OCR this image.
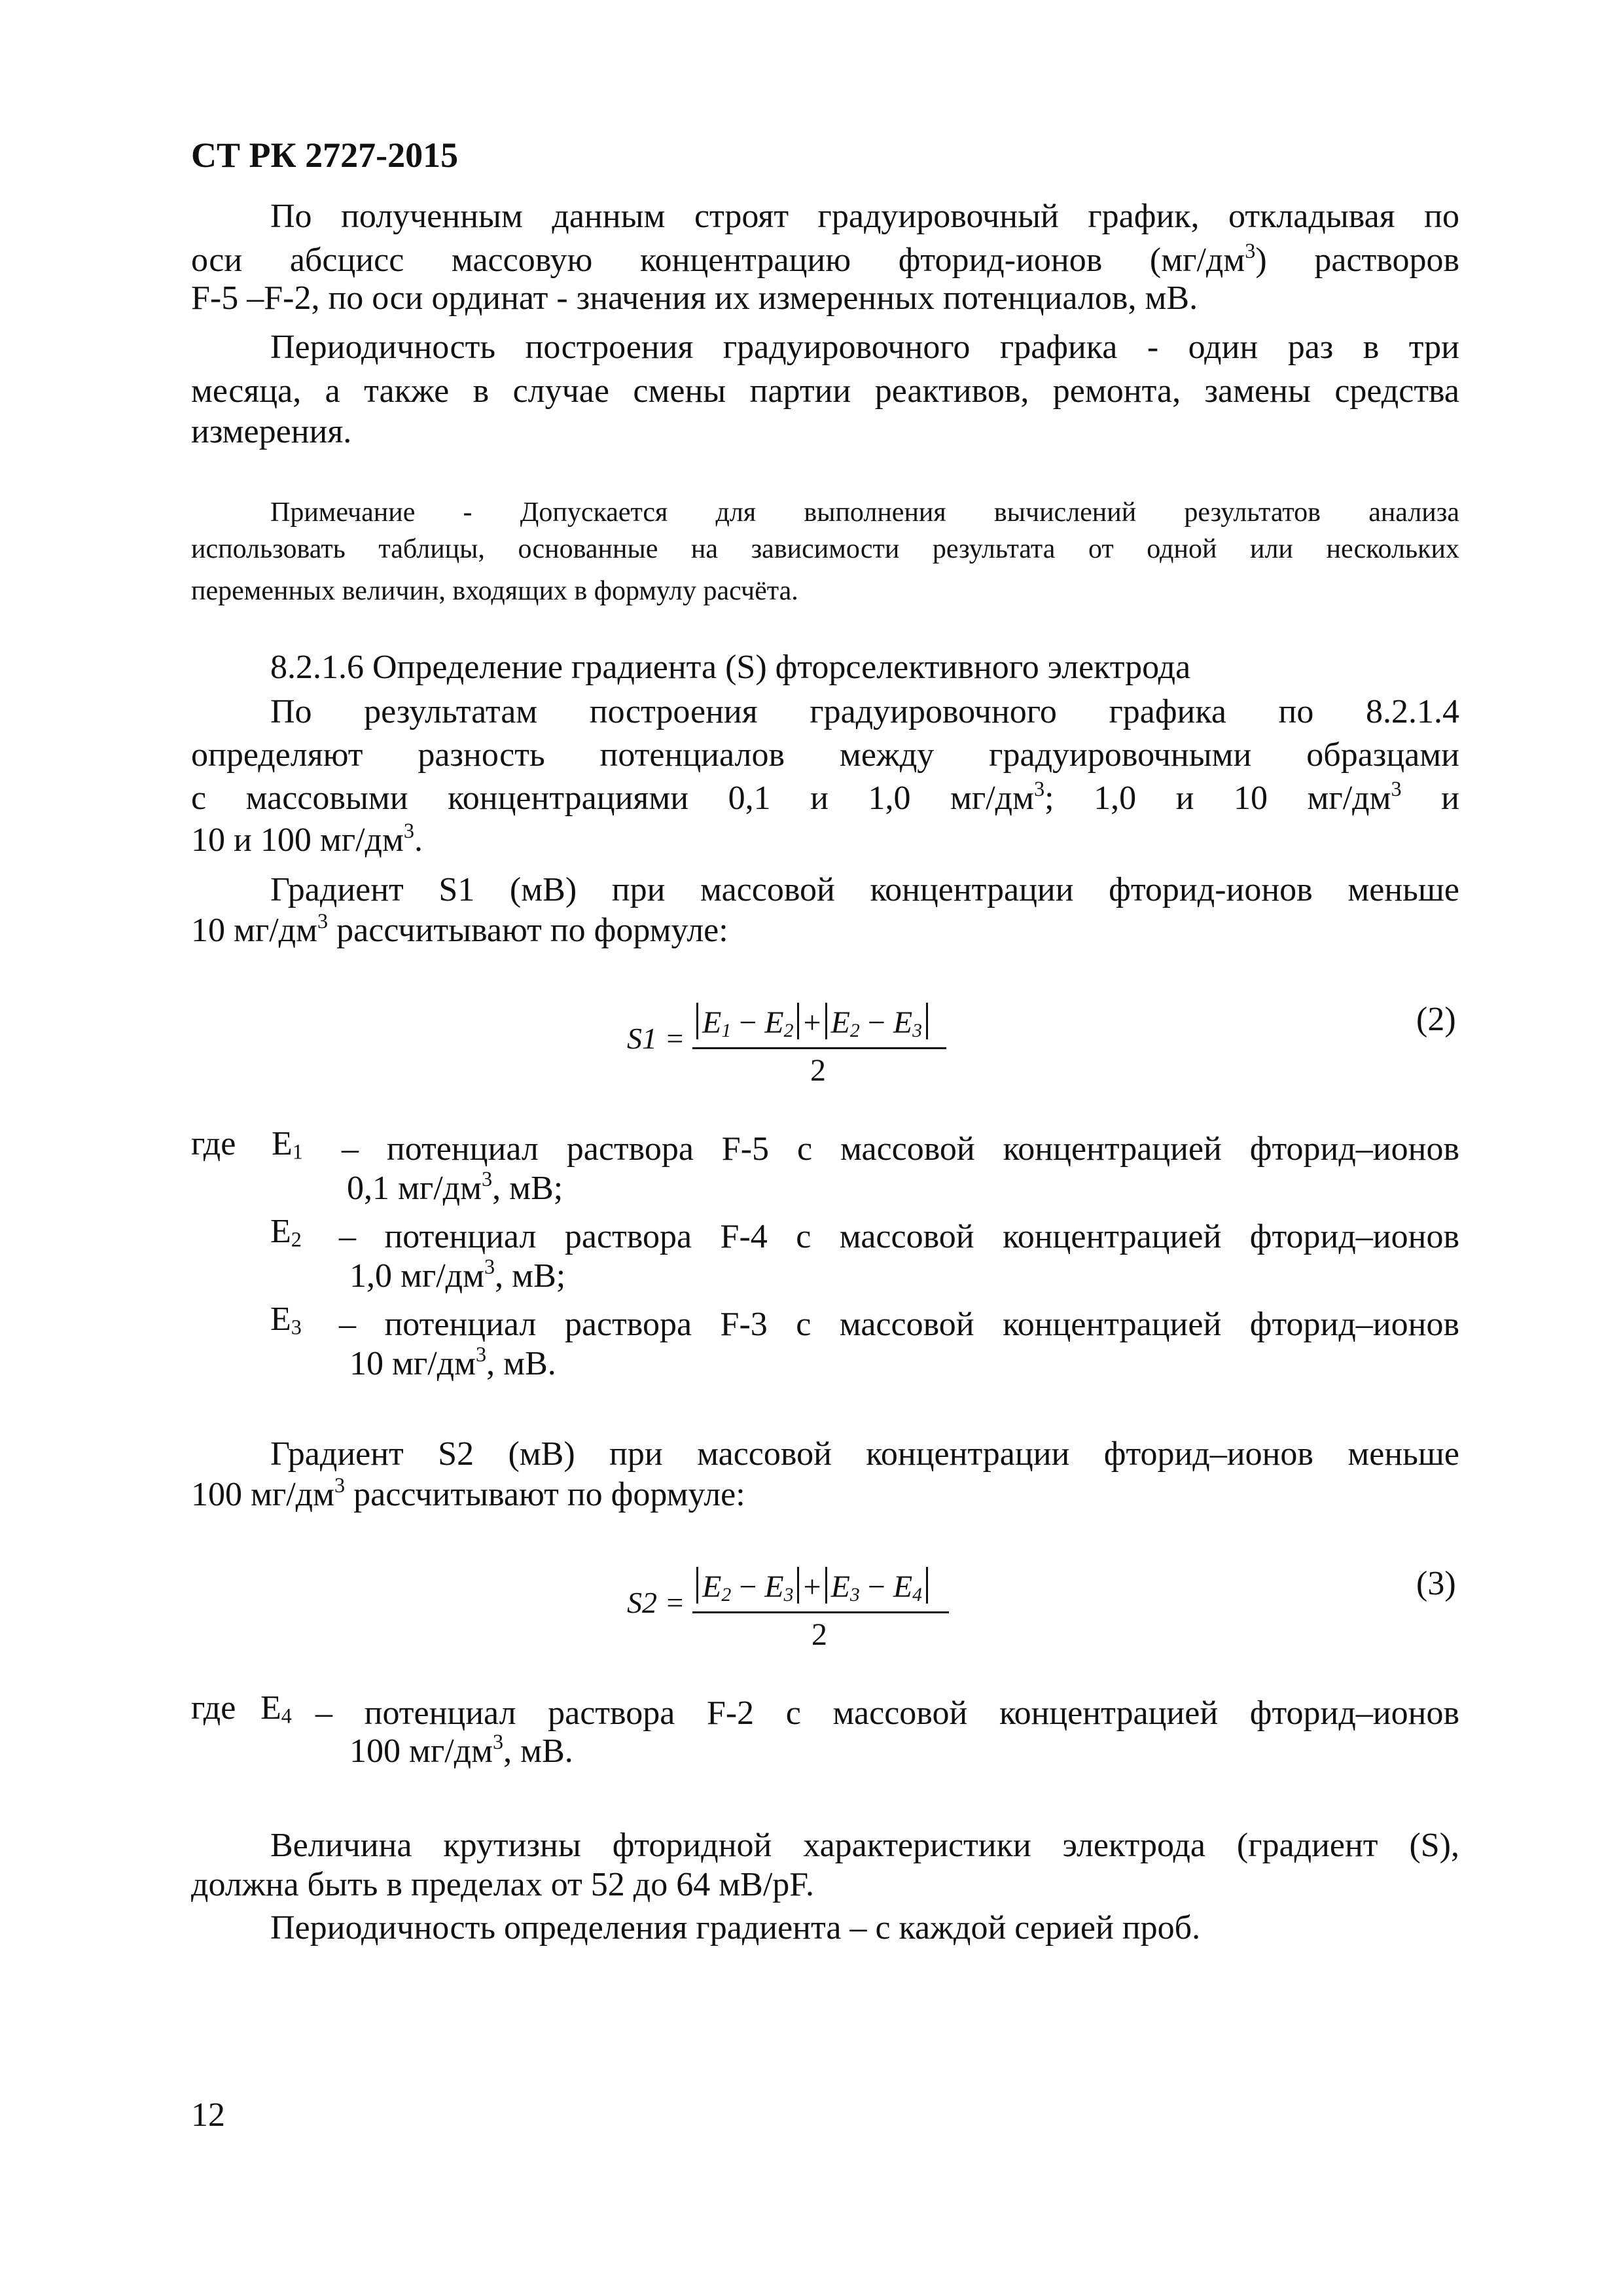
СТ РК 2727-2015
По полученным данным строят градуировочный график, откладывая по
оси абсцисс массовую концентрацию фторид-ионов $(мг/дм^3)$ растворов
F-5 –F-2, по оси ординат - значения их измеренных потенциалов, мВ.
Периодичность построения градуировочного графика - один раз в три
месяца, а также в случае смены партии реактивов, ремонта, замены средства
измерения.
Примечание - Допускается для выполнения вычислений результатов анализа
использовать таблицы, основанные на зависимости результата от одной или нескольких
переменных величин, входящих в формулу расчёта.
8.2.1.6 Определение градиента (S) фторселективного электрода
По результатам построения градуировочного графика по 8.2.1.4
определяют разность потенциалов между градуировочными образцами
с массовыми концентрациями 0,1 и 1,0 $мг/дм^3$; 1,0 и 10 $мг/дм^3$ и
10 и 100 $мг/дм^3$.
Градиент S1 (мВ) при массовой концентрации фторид-ионов меньше
10 $мг/дм^3$ рассчитывают по формуле:
$S1 = E_1 - E_2 + E_2 - E_3$
2
(2)
где $E_1$ – потенциал раствора F-5 с массовой концентрацией фторид–ионов
0,1 $мг/дм^3$, мВ;
$E_2$ – потенциал раствора F-4 с массовой концентрацией фторид–ионов
1,0 $мг/дм^3$, мВ;
$E_3$ – потенциал раствора F-3 с массовой концентрацией фторид–ионов
10 $мг/дм^3$, мВ.
Градиент S2 (мВ) при массовой концентрации фторид–ионов меньше
100 $мг/дм^3$ рассчитывают по формуле:
$S2 = E_2 - E_3 + E_3 - E_4$
2
(3)
где $E_4$ – потенциал раствора F-2 с массовой концентрацией фторид–ионов
100 $мг/дм^3$, мВ.
Величина крутизны фторидной характеристики электрода (градиент (S),
должна быть в пределах от 52 до 64 мВ/pF.
Периодичность определения градиента – с каждой серией проб.
12
